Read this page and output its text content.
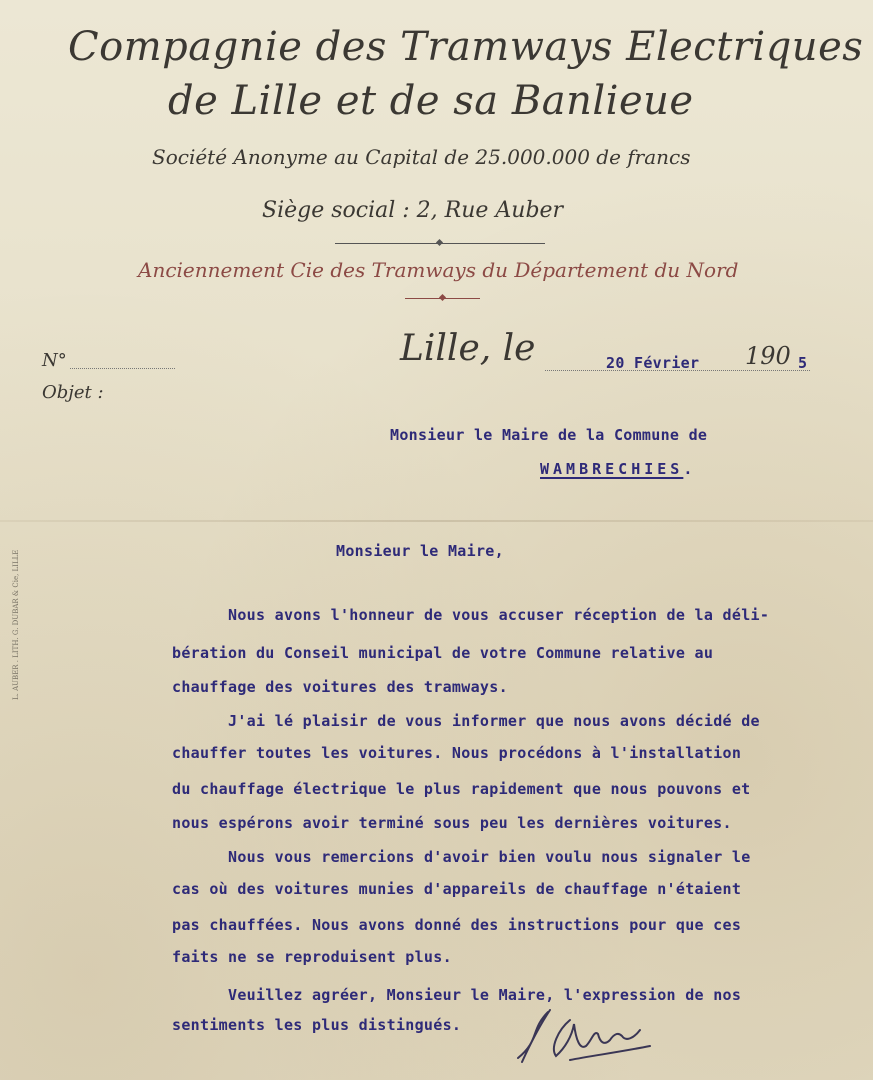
Compagnie des Tramways Electriques
de Lille et de sa Banlieue
Société Anonyme au Capital de 25.000.000 de francs
Siège social : 2, Rue Auber
Anciennement Cie des Tramways du Département du Nord
L. AUBER . LITH. G. DUBAR & Cie, LILLE
N°
Objet :
Lille, le	20 Février 190 5
Monsieur le Maire de la Commune de
WAMBRECHIES.
Monsieur le Maire,
Nous avons l'honneur de vous accuser réception de la déli-
bération du Conseil municipal de votre Commune relative au
chauffage des voitures des tramways.
J'ai lé plaisir de vous informer que nous avons décidé de
chauffer toutes les voitures. Nous procédons à l'installation
du chauffage électrique le plus rapidement que nous pouvons et
nous espérons avoir terminé sous peu les dernières voitures.
Nous vous remercions d'avoir bien voulu nous signaler le
cas où des voitures munies d'appareils de chauffage n'étaient
pas chauffées. Nous avons donné des instructions pour que ces
faits ne se reproduisent plus.
Veuillez agréer, Monsieur le Maire, l'expression de nos
sentiments les plus distingués.
